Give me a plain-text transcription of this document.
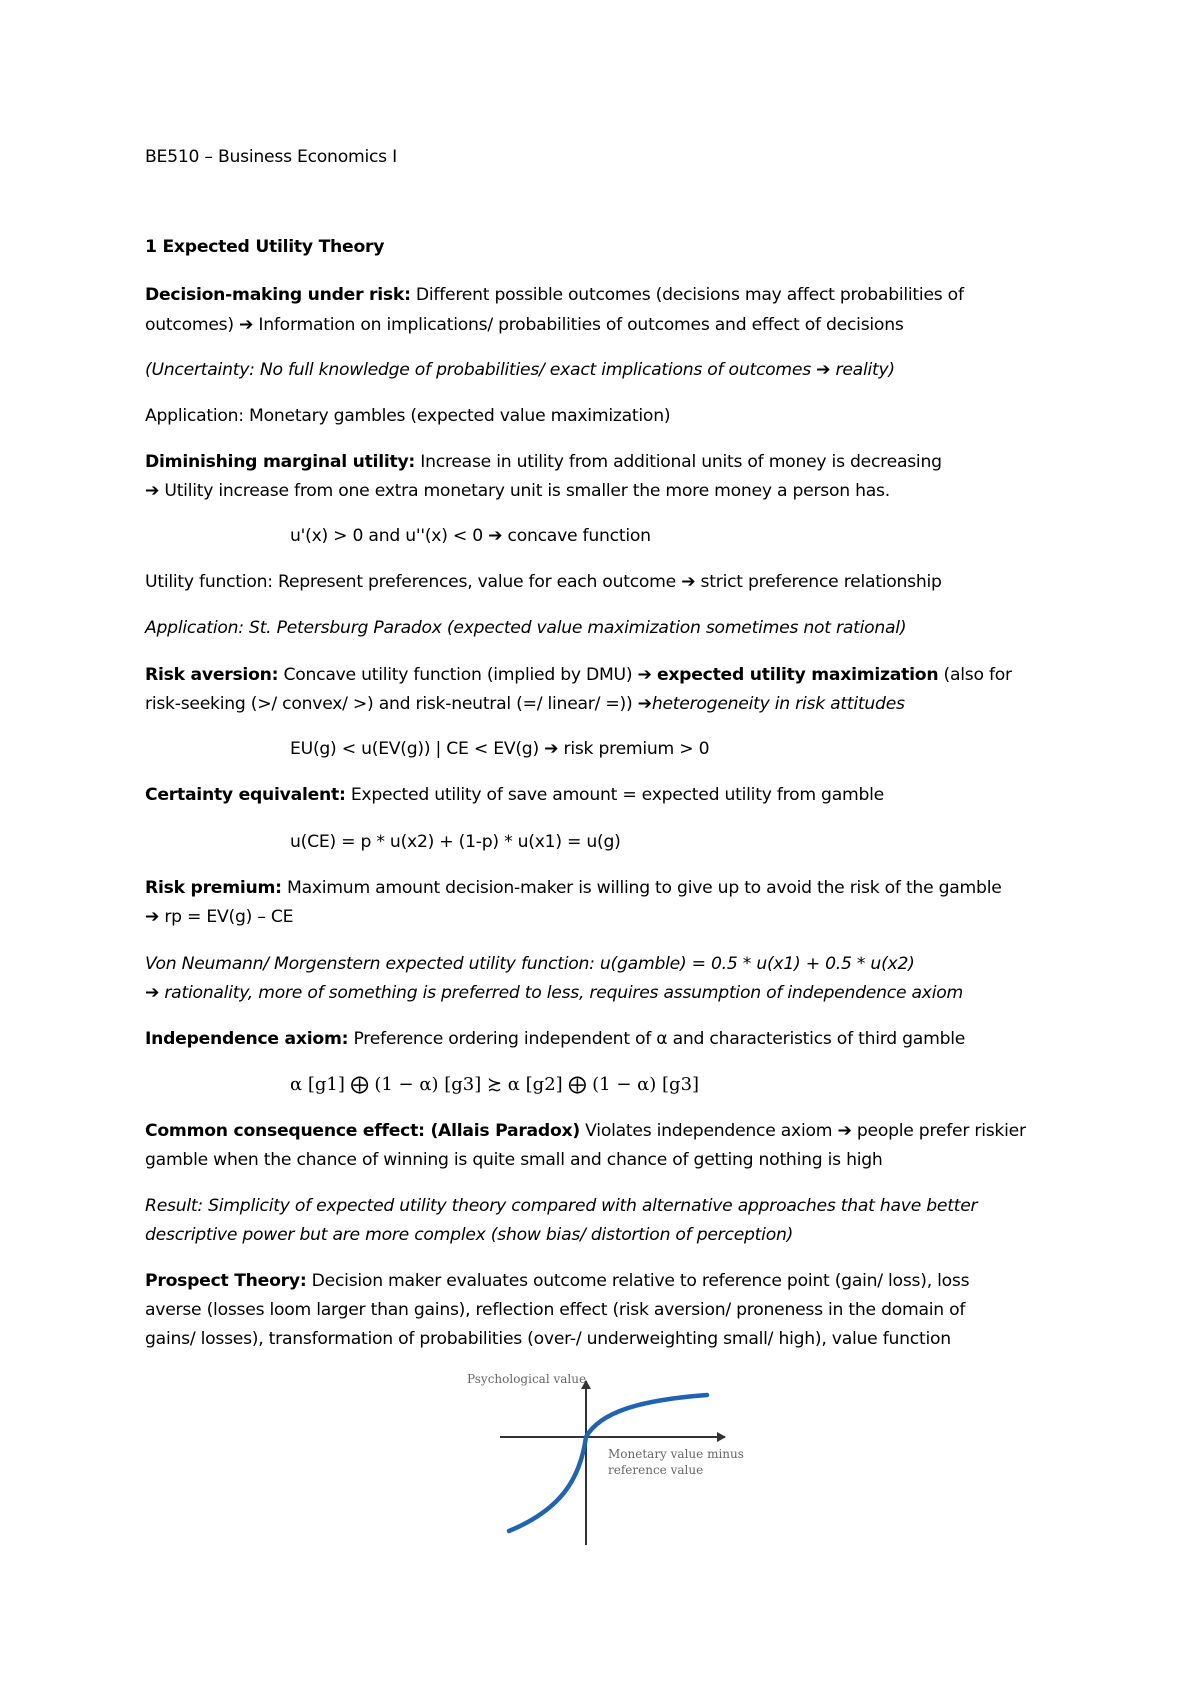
BE510 – Business Economics I
1 Expected Utility Theory
Decision-making under risk: Different possible outcomes (decisions may affect probabilities of
outcomes) ➔ Information on implications/ probabilities of outcomes and effect of decisions
(Uncertainty: No full knowledge of probabilities/ exact implications of outcomes ➔ reality)
Application: Monetary gambles (expected value maximization)
Diminishing marginal utility: Increase in utility from additional units of money is decreasing
➔ Utility increase from one extra monetary unit is smaller the more money a person has.
u'(x) > 0 and u''(x) < 0 ➔ concave function
Utility function: Represent preferences, value for each outcome ➔ strict preference relationship
Application: St. Petersburg Paradox (expected value maximization sometimes not rational)
Risk aversion: Concave utility function (implied by DMU) ➔ expected utility maximization (also for
risk-seeking (>/ convex/ >) and risk-neutral (=/ linear/ =)) ➔heterogeneity in risk attitudes
EU(g) < u(EV(g)) | CE < EV(g) ➔ risk premium > 0
Certainty equivalent: Expected utility of save amount = expected utility from gamble
u(CE) = p * u(x2) + (1-p) * u(x1) = u(g)
Risk premium: Maximum amount decision-maker is willing to give up to avoid the risk of the gamble
➔ rp = EV(g) – CE
Von Neumann/ Morgenstern expected utility function: u(gamble) = 0.5 * u(x1) + 0.5 * u(x2)
➔ rationality, more of something is preferred to less, requires assumption of independence axiom
Independence axiom: Preference ordering independent of α and characteristics of third gamble
α [g1] ⨁ (1 − α) [g3] ≿ α [g2] ⨁ (1 − α) [g3]
Common consequence effect: (Allais Paradox) Violates independence axiom ➔ people prefer riskier
gamble when the chance of winning is quite small and chance of getting nothing is high
Result: Simplicity of expected utility theory compared with alternative approaches that have better
descriptive power but are more complex (show bias/ distortion of perception)
Prospect Theory: Decision maker evaluates outcome relative to reference point (gain/ loss), loss
averse (losses loom larger than gains), reflection effect (risk aversion/ proneness in the domain of
gains/ losses), transformation of probabilities (over-/ underweighting small/ high), value function
Psychological value
Monetary value minus
reference value
